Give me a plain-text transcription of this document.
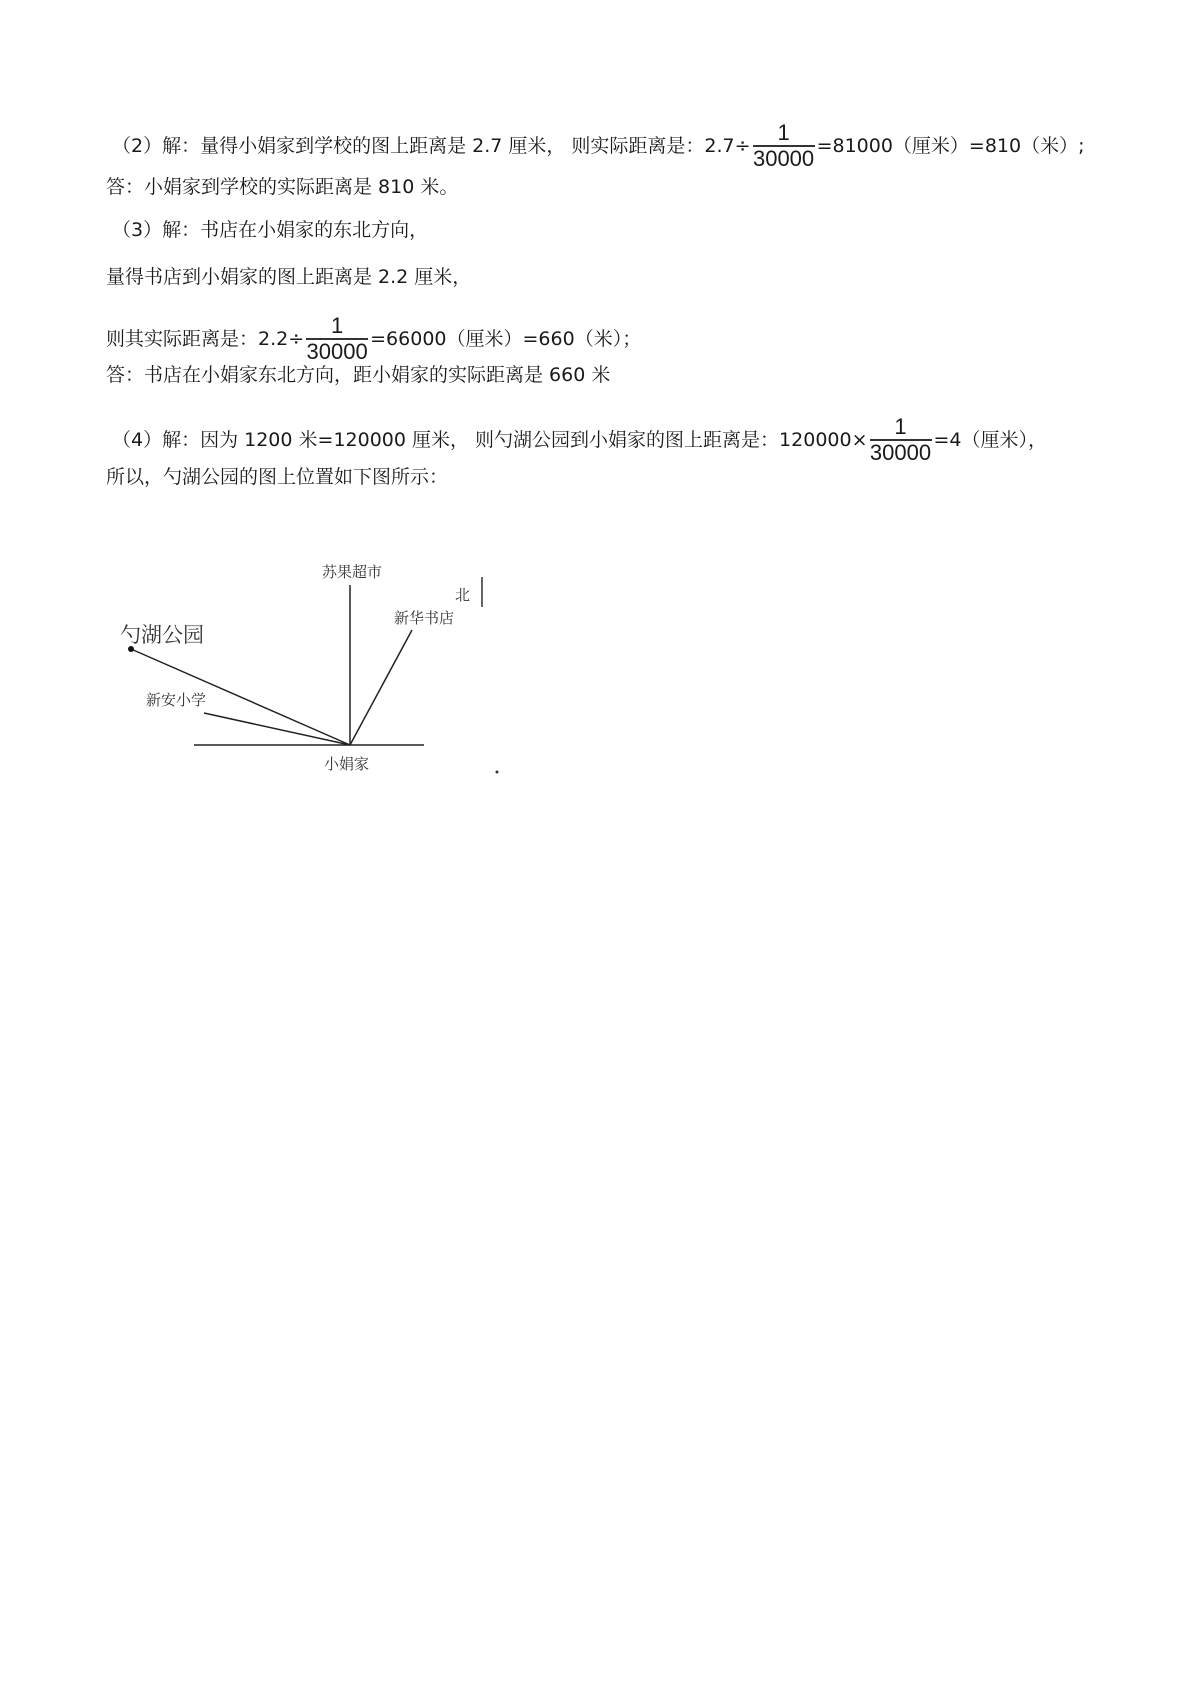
（2）解：量得小娟家到学校的图上距离是 2.7 厘米， 则实际距离是：$2.7\div \frac{1}{30000} =81000$（厘米）=810（米）;
答：小娟家到学校的实际距离是 810 米。
（3）解：书店在小娟家的东北方向，
量得书店到小娟家的图上距离是 2.2 厘米，
则其实际距离是：$2.2\div \frac{1}{30000} =66000$（厘米）=660（米）；
答：书店在小娟家东北方向，距小娟家的实际距离是 660 米
（4）解：因为 1200 米=120000 厘米， 则勺湖公园到小娟家的图上距离是：$120000\times \frac{1}{30000} =4$（厘米），
所以，勺湖公园的图上位置如下图所示：
苏果超市
北
新华书店
勺湖公园
新安小学
小娟家
